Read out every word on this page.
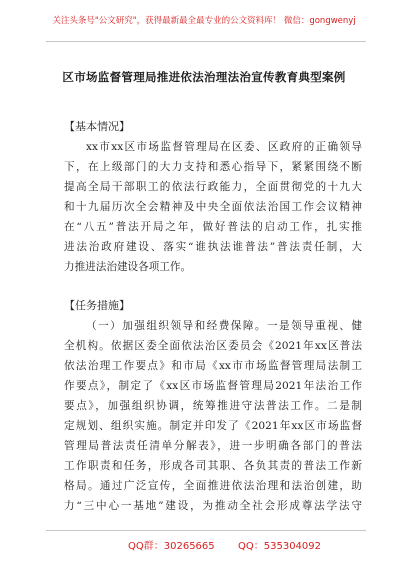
关注头条号"公文研究"，获得最新最全最专业的公文资料库！ 微信：gongwenyj
区市场监督管理局推进依法治理法治宣传教育典型案例
【基本情况】
xx市xx区市场监督管理局在区委、区政府的正确领导
下，在上级部门的大力支持和悉心指导下，紧紧围绕不断
提高全局干部职工的依法行政能力，全面贯彻党的十九大
和十九届历次全会精神及中央全面依法治国工作会议精神
在“八五”普法开局之年，做好普法的启动工作，扎实推
进法治政府建设、落实“谁执法谁普法”普法责任制，大
力推进法治建设各项工作。
【任务措施】
（一）加强组织领导和经费保障。一是领导重视、健
全机构。依据区委全面依法治区委员会《2021年xx区普法
依法治理工作要点》和市局《xx市市场监督管理局法制工
作要点》，制定了《xx区市场监督管理局2021年法治工作
要点》，加强组织协调，统筹推进守法普法工作。二是制
定规划、组织实施。制定并印发了《2021年xx区市场监督
管理局普法责任清单分解表》，进一步明确各部门的普法
工作职责和任务，形成各司其职、各负其责的普法工作新
格局。通过广泛宣传，全面推进依法治理和法治创建，助
力“三中心一基地”建设，为推动全社会形成尊法学法守
QQ群：30265665 QQ：535304092
